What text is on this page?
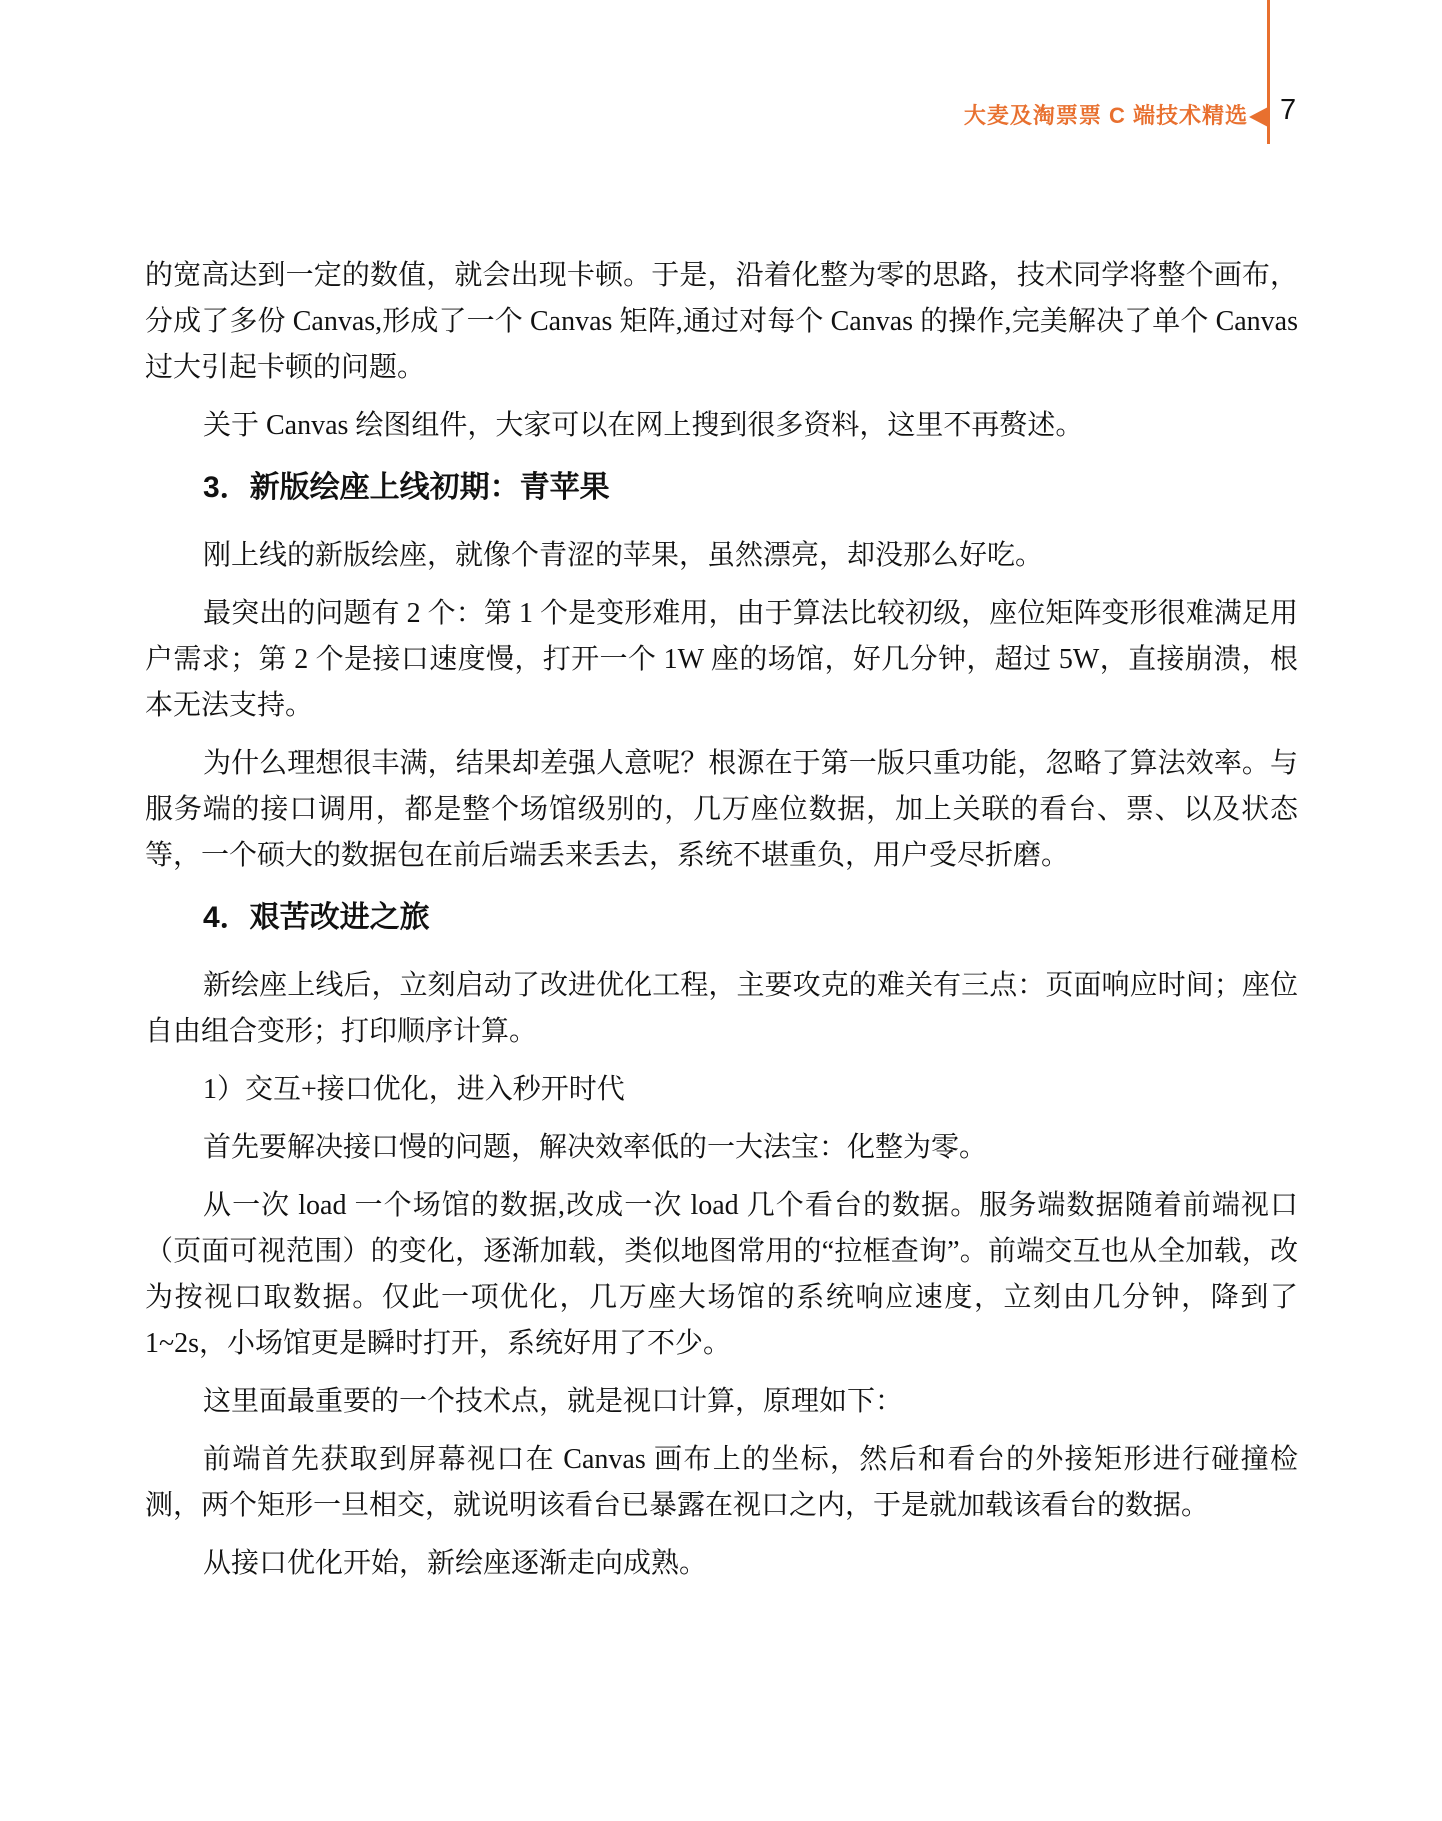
大麦及淘票票 C 端技术精选 7

的宽高达到一定的数值，就会出现卡顿。于是，沿着化整为零的思路，技术同学将整个画布，分成了多份 Canvas,形成了一个 Canvas 矩阵,通过对每个 Canvas 的操作,完美解决了单个 Canvas 过大引起卡顿的问题。

关于 Canvas 绘图组件，大家可以在网上搜到很多资料，这里不再赘述。

3．新版绘座上线初期：青苹果

刚上线的新版绘座，就像个青涩的苹果，虽然漂亮，却没那么好吃。

最突出的问题有 2 个：第 1 个是变形难用，由于算法比较初级，座位矩阵变形很难满足用户需求；第 2 个是接口速度慢，打开一个 1W 座的场馆，好几分钟，超过 5W，直接崩溃，根本无法支持。

为什么理想很丰满，结果却差强人意呢？根源在于第一版只重功能，忽略了算法效率。与服务端的接口调用，都是整个场馆级别的，几万座位数据，加上关联的看台、票、以及状态等，一个硕大的数据包在前后端丢来丢去，系统不堪重负，用户受尽折磨。

4．艰苦改进之旅

新绘座上线后，立刻启动了改进优化工程，主要攻克的难关有三点：页面响应时间；座位自由组合变形；打印顺序计算。

1）交互+接口优化，进入秒开时代

首先要解决接口慢的问题，解决效率低的一大法宝：化整为零。

从一次 load 一个场馆的数据,改成一次 load 几个看台的数据。服务端数据随着前端视口（页面可视范围）的变化，逐渐加载，类似地图常用的“拉框查询”。前端交互也从全加载，改为按视口取数据。仅此一项优化，几万座大场馆的系统响应速度，立刻由几分钟，降到了 1~2s，小场馆更是瞬时打开，系统好用了不少。

这里面最重要的一个技术点，就是视口计算，原理如下：

前端首先获取到屏幕视口在 Canvas 画布上的坐标，然后和看台的外接矩形进行碰撞检测，两个矩形一旦相交，就说明该看台已暴露在视口之内，于是就加载该看台的数据。

从接口优化开始，新绘座逐渐走向成熟。
